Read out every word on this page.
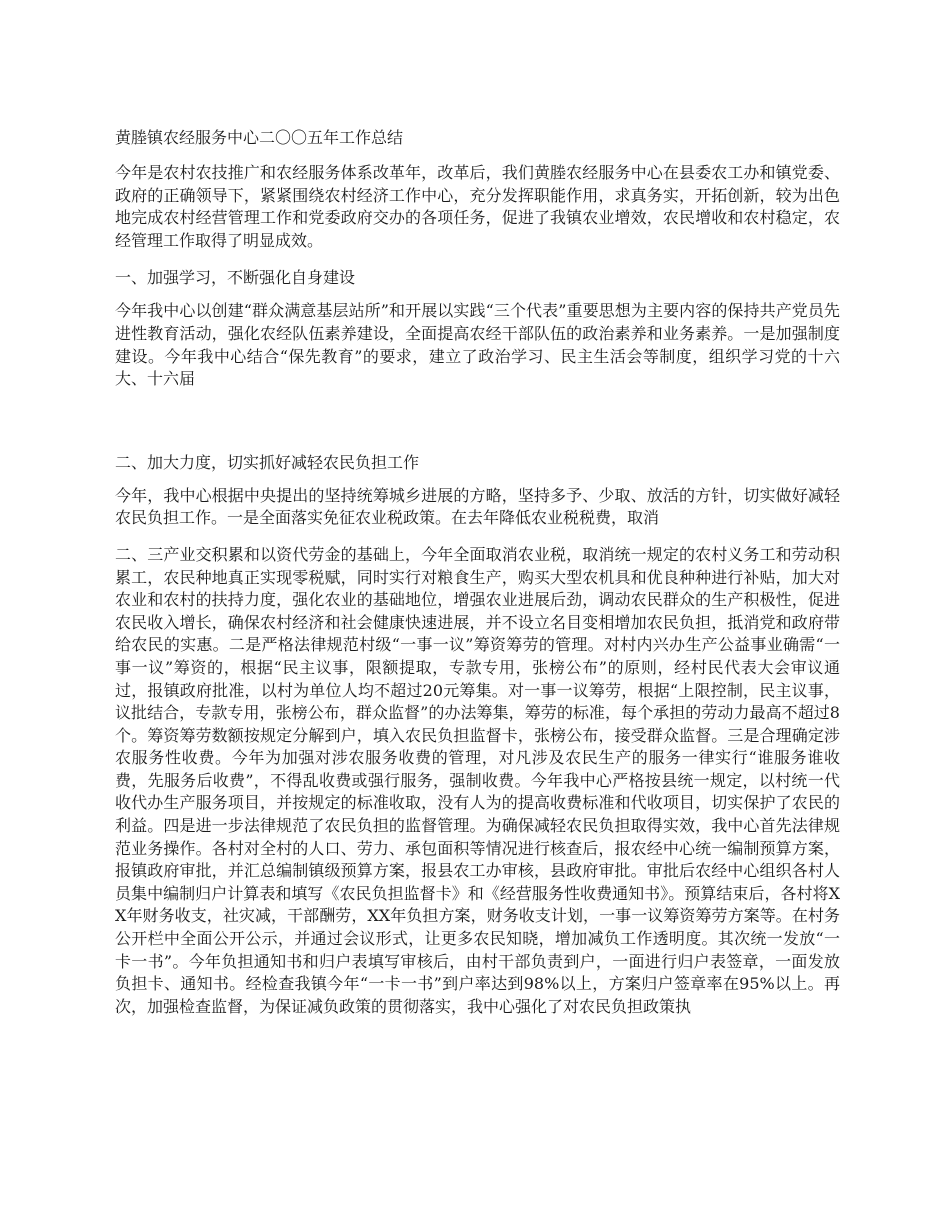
黄塍镇农经服务中心二〇〇五年工作总结
今年是农村农技推广和农经服务体系改革年，改革后，我们黄塍农经服务中心在县委农工办和镇党委、政府的正确领导下，紧紧围绕农村经济工作中心，充分发挥职能作用，求真务实，开拓创新，较为出色地完成农村经营管理工作和党委政府交办的各项任务，促进了我镇农业增效，农民增收和农村稳定，农经管理工作取得了明显成效。
一、加强学习，不断强化自身建设
今年我中心以创建“群众满意基层站所”和开展以实践“三个代表”重要思想为主要内容的保持共产党员先进性教育活动，强化农经队伍素养建设，全面提高农经干部队伍的政治素养和业务素养。一是加强制度建设。今年我中心结合“保先教育”的要求，建立了政治学习、民主生活会等制度，组织学习党的十六大、十六届
二、加大力度，切实抓好减轻农民负担工作
今年，我中心根据中央提出的坚持统筹城乡进展的方略，坚持多予、少取、放活的方针，切实做好减轻农民负担工作。一是全面落实免征农业税政策。在去年降低农业税税费，取消
二、三产业交积累和以资代劳金的基础上，今年全面取消农业税，取消统一规定的农村义务工和劳动积累工，农民种地真正实现零税赋，同时实行对粮食生产，购买大型农机具和优良种种进行补贴，加大对农业和农村的扶持力度，强化农业的基础地位，增强农业进展后劲，调动农民群众的生产积极性，促进农民收入增长，确保农村经济和社会健康快速进展，并不设立名目变相增加农民负担，抵消党和政府带给农民的实惠。二是严格法律规范村级“一事一议”筹资筹劳的管理。对村内兴办生产公益事业确需“一事一议”筹资的，根据“民主议事，限额提取，专款专用，张榜公布”的原则，经村民代表大会审议通过，报镇政府批准，以村为单位人均不超过20元筹集。对一事一议筹劳，根据“上限控制，民主议事，议批结合，专款专用，张榜公布，群众监督”的办法筹集，筹劳的标准，每个承担的劳动力最高不超过8个。筹资筹劳数额按规定分解到户，填入农民负担监督卡，张榜公布，接受群众监督。三是合理确定涉农服务性收费。今年为加强对涉农服务收费的管理，对凡涉及农民生产的服务一律实行“谁服务谁收费，先服务后收费”，不得乱收费或强行服务，强制收费。今年我中心严格按县统一规定，以村统一代收代办生产服务项目，并按规定的标准收取，没有人为的提高收费标准和代收项目，切实保护了农民的利益。四是进一步法律规范了农民负担的监督管理。为确保减轻农民负担取得实效，我中心首先法律规范业务操作。各村对全村的人口、劳力、承包面积等情况进行核查后，报农经中心统一编制预算方案，报镇政府审批，并汇总编制镇级预算方案，报县农工办审核，县政府审批。审批后农经中心组织各村人员集中编制归户计算表和填写《农民负担监督卡》和《经营服务性收费通知书》。预算结束后，各村将XX年财务收支，社灾减，干部酬劳，XX年负担方案，财务收支计划，一事一议筹资筹劳方案等。在村务公开栏中全面公开公示，并通过会议形式，让更多农民知晓，增加减负工作透明度。其次统一发放“一卡一书”。今年负担通知书和归户表填写审核后，由村干部负责到户，一面进行归户表签章，一面发放负担卡、通知书。经检查我镇今年“一卡一书”到户率达到98%以上，方案归户签章率在95%以上。再次，加强检查监督，为保证减负政策的贯彻落实，我中心强化了对农民负担政策执
